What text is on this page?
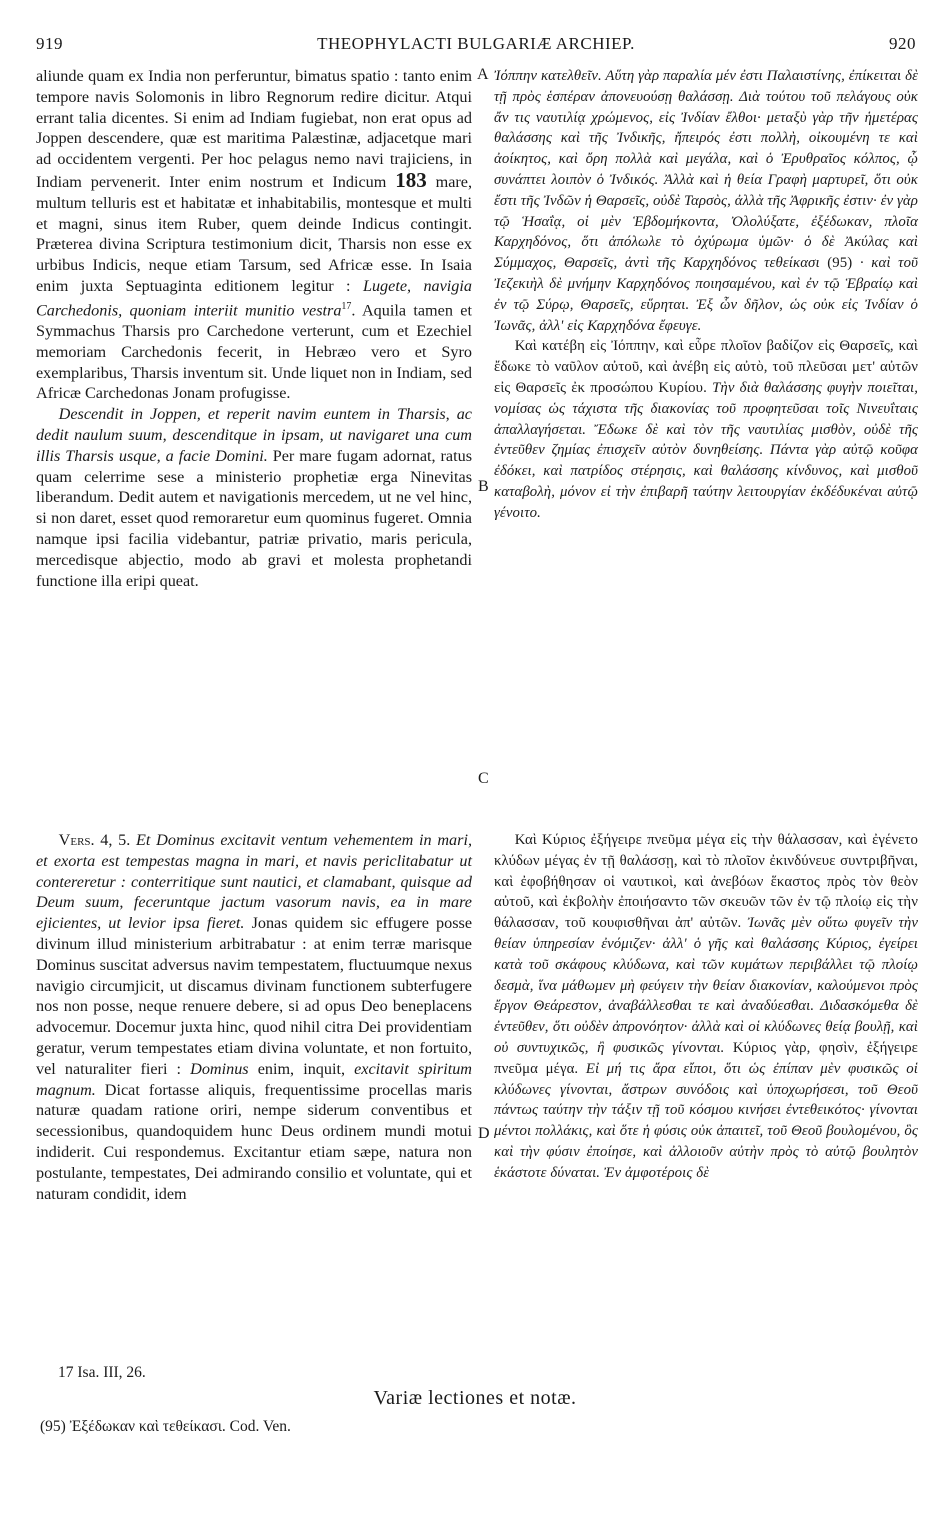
919	THEOPHYLACTI BULGARIÆ ARCHIEP.	920
A
B
C
D

aliunde quam ex India non perferuntur, bimatus spatio : tanto enim tempore navis Solomonis in libro Regnorum redire dicitur. Atqui errant talia dicentes. Si enim ad Indiam fugiebat, non erat opus ad Joppen descendere, quæ est maritima Palæstinæ, adjacetque mari ad occidentem vergenti. Per hoc pelagus nemo navi trajiciens, in Indiam pervenerit. Inter enim nostrum et Indicum 183 mare, multum telluris est et habitatæ et inhabitabilis, montesque et multi et magni, sinus item Ruber, quem deinde Indicus contingit. Præterea divina Scriptura testimonium dicit, Tharsis non esse ex urbibus Indicis, neque etiam Tarsum, sed Africæ esse. In Isaia enim juxta Septuaginta editionem legitur : Lugete, navigia Carchedonis, quoniam interiit munitio vestra$^{17}$. Aquila tamen et Symmachus Tharsis pro Carchedone verterunt, cum et Ezechiel memoriam Carchedonis fecerit, in Hebræo vero et Syro exemplaribus, Tharsis inventum sit. Unde liquet non in Indiam, sed Africæ Carchedonas Jonam profugisse.

Descendit in Joppen, et reperit navim euntem in Tharsis, ac dedit naulum suum, descenditque in ipsam, ut navigaret una cum illis Tharsis usque, a facie Domini. Per mare fugam adornat, ratus quam celerrime sese a ministerio prophetiæ erga Ninevitas liberandum. Dedit autem et navigationis mercedem, ut ne vel hinc, si non daret, esset quod remoraretur eum quominus fugeret. Omnia namque ipsi facilia videbantur, patriæ privatio, maris pericula, mercedisque abjectio, modo ab gravi et molesta prophetandi functione illa eripi queat.

Ἰόππην κατελθεῖν. Αὕτη γὰρ παραλία μέν ἐστι Παλαιστίνης, ἐπίκειται δὲ τῇ πρὸς ἑσπέραν ἀπονευούσῃ θαλάσσῃ. Διὰ τούτου τοῦ πελάγους οὐκ ἄν τις ναυτιλίᾳ χρώμενος, εἰς Ἰνδίαν ἔλθοι· μεταξὺ γὰρ τῆν ἡμετέρας θαλάσσης καὶ τῆς Ἰνδικῆς, ἤπειρός ἐστι πολλὴ, οἰκουμένη τε καὶ ἀοίκητος, καὶ ὄρη πολλὰ καὶ μεγάλα, καὶ ὁ Ἐρυθραῖος κόλπος, ᾧ συνάπτει λοιπὸν ὁ Ἰνδικός. Ἀλλὰ καὶ ἡ θεία Γραφὴ μαρτυρεῖ, ὅτι οὐκ ἔστι τῆς Ἰνδῶν ἡ Θαρσεῖς, οὐδὲ Ταρσὸς, ἀλλὰ τῆς Ἀφρικῆς ἐστιν· ἐν γὰρ τῷ Ἡσαΐᾳ, οἱ μὲν Ἑβδομήκοντα, Ὀλολύξατε, ἐξέδωκαν, πλοῖα Καρχηδόνος, ὅτι ἀπόλωλε τὸ ὀχύρωμα ὑμῶν· ὁ δὲ Ἀκύλας καὶ Σύμμαχος, Θαρσεῖς, ἀντὶ τῆς Καρχηδόνος τεθείκασι (95) · καὶ τοῦ Ἰεζεκιὴλ δὲ μνήμην Καρχηδόνος ποιησαμένου, καὶ ἐν τῷ Ἑβραίῳ καὶ ἐν τῷ Σύρῳ, Θαρσεῖς, εὕρηται. Ἐξ ὧν δῆλον, ὡς οὐκ εἰς Ἰνδίαν ὁ Ἰωνᾶς, ἀλλ' εἰς Καρχηδόνα ἔφευγε.

Καὶ κατέβη εἰς Ἰόππην, καὶ εὗρε πλοῖον βαδίζον εἰς Θαρσεῖς, καὶ ἔδωκε τὸ ναῦλον αὐτοῦ, καὶ ἀνέβη εἰς αὐτὸ, τοῦ πλεῦσαι μετ' αὐτῶν εἰς Θαρσεῖς ἐκ προσώπου Κυρίου. Τὴν διὰ θαλάσσης φυγὴν ποιεῖται, νομίσας ὡς τάχιστα τῆς διακονίας τοῦ προφητεῦσαι τοῖς Νινευΐταις ἀπαλλαγήσεται. Ἔδωκε δὲ καὶ τὸν τῆς ναυτιλίας μισθὸν, οὐδὲ τῆς ἐντεῦθεν ζημίας ἐπισχεῖν αὐτὸν δυνηθείσης. Πάντα γὰρ αὐτῷ κοῦφα ἐδόκει, καὶ πατρίδος στέρησις, καὶ θαλάσσης κίνδυνος, καὶ μισθοῦ καταβολὴ, μόνον εἰ τὴν ἐπιβαρῆ ταύτην λειτουργίαν ἐκδέδυκέναι αὐτῷ γένοιτο.

Vers. 4, 5. Et Dominus excitavit ventum vehementem in mari, et exorta est tempestas magna in mari, et navis periclitabatur ut contereretur : conterritique sunt nautici, et clamabant, quisque ad Deum suum, feceruntque jactum vasorum navis, ea in mare ejicientes, ut levior ipsa fieret. Jonas quidem sic effugere posse divinum illud ministerium arbitrabatur : at enim terræ marisque Dominus suscitat adversus navim tempestatem, fluctuumque nexus navigio circumjicit, ut discamus divinam functionem subterfugere nos non posse, neque renuere debere, si ad opus Deo beneplacens advocemur. Docemur juxta hinc, quod nihil citra Dei providentiam geratur, verum tempestates etiam divina voluntate, et non fortuito, vel naturaliter fieri : Dominus enim, inquit, excitavit spiritum magnum. Dicat fortasse aliquis, frequentissime procellas maris naturæ quadam ratione oriri, nempe siderum conventibus et secessionibus, quandoquidem hunc Deus ordinem mundi motui indiderit. Cui respondemus. Excitantur etiam sæpe, natura non postulante, tempestates, Dei admirando consilio et voluntate, qui et naturam condidit, idem

Καὶ Κύριος ἐξήγειρε πνεῦμα μέγα εἰς τὴν θάλασσαν, καὶ ἐγένετο κλύδων μέγας ἐν τῇ θαλάσσῃ, καὶ τὸ πλοῖον ἐκινδύνευε συντριβῆναι, καὶ ἐφοβήθησαν οἱ ναυτικοὶ, καὶ ἀνεβόων ἕκαστος πρὸς τὸν θεὸν αὐτοῦ, καὶ ἐκβολὴν ἐποιήσαντο τῶν σκευῶν τῶν ἐν τῷ πλοίῳ εἰς τὴν θάλασσαν, τοῦ κουφισθῆναι ἀπ' αὐτῶν. Ἰωνᾶς μὲν οὕτω φυγεῖν τὴν θείαν ὑπηρεσίαν ἐνόμιζεν· ἀλλ' ὁ γῆς καὶ θαλάσσης Κύριος, ἐγείρει κατὰ τοῦ σκάφους κλύδωνα, καὶ τῶν κυμάτων περιβάλλει τῷ πλοίῳ δεσμὰ, ἵνα μάθωμεν μὴ φεύγειν τὴν θείαν διακονίαν, καλούμενοι πρὸς ἔργον Θεάρεστον, ἀναβάλλεσθαι τε καὶ ἀναδύεσθαι. Διδασκόμεθα δὲ ἐντεῦθεν, ὅτι οὐδὲν ἀπρονόητον· ἀλλὰ καὶ οἱ κλύδωνες θείᾳ βουλῇ, καὶ οὐ συντυχικῶς, ἢ φυσικῶς γίνονται. Κύριος γὰρ, φησὶν, ἐξήγειρε πνεῦμα μέγα. Εἰ μή τις ἄρα εἴποι, ὅτι ὡς ἐπίπαν μὲν φυσικῶς οἱ κλύδωνες γίνονται, ἄστρων συνόδοις καὶ ὑποχωρήσεσι, τοῦ Θεοῦ πάντως ταύτην τὴν τάξιν τῇ τοῦ κόσμου κινήσει ἐντεθεικότος· γίνονται μέντοι πολλάκις, καὶ ὅτε ἡ φύσις οὐκ ἀπαιτεῖ, τοῦ Θεοῦ βουλομένου, ὃς καὶ τὴν φύσιν ἐποίησε, καὶ ἀλλοιοῦν αὐτὴν πρὸς τὸ αὐτῷ βουλητὸν ἑκάστοτε δύναται. Ἐν ἀμφοτέροις δὲ

17 Isa. III, 26.
Variæ lectiones et notæ.
(95) Ἐξέδωκαν καὶ τεθείκασι. Cod. Ven.
